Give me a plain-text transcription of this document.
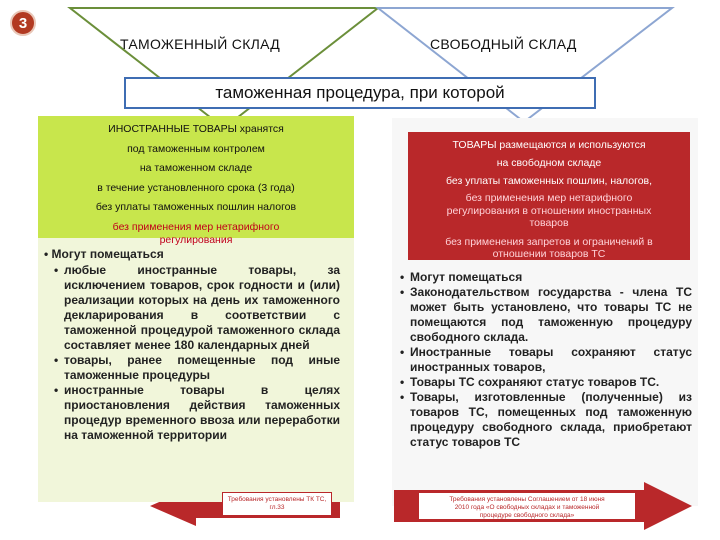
3
ТАМОЖЕННЫЙ СКЛАД	СВОБОДНЫЙ СКЛАД
таможенная процедура, при которой
ИНОСТРАННЫЕ ТОВАРЫ хранятся
под таможенным контролем
на таможенном складе
в течение установленного срока (3 года)
без уплаты таможенных пошлин налогов
без применения мер нетарифного
регулирования
ТОВАРЫ размещаются и используются
на свободном складе
без уплаты таможенных пошлин, налогов,
без применения мер нетарифного
регулирования в отношении иностранных
товаров
без применения запретов и ограничений в
отношении товаров ТС
• Могут помещаться
• любые иностранные товары, за исключением товаров, срок годности и (или) реализации которых на день их таможенного декларирования в соответствии с таможенной процедурой таможенного склада составляет менее 180 календарных дней
• товары, ранее помещенные под иные таможенные процедуры
• иностранные товары в целях приостановления действия таможенных процедур временного ввоза или переработки на таможенной территории
• Могут помещаться
• Законодательством государства - члена ТС может быть установлено, что товары ТС не помещаются под таможенную процедуру свободного склада.
• Иностранные товары сохраняют статус иностранных товаров,
• Товары ТС сохраняют статус товаров ТС.
• Товары, изготовленные (полученные) из товаров ТС, помещенных под таможенную процедуру свободного склада, приобретают статус товаров ТС
Требования установлены ТК ТС,
гл.33
Требования установлены Соглашением от 18 июня
2010 года «О свободных складах и таможенной
процедуре свободного склада»
